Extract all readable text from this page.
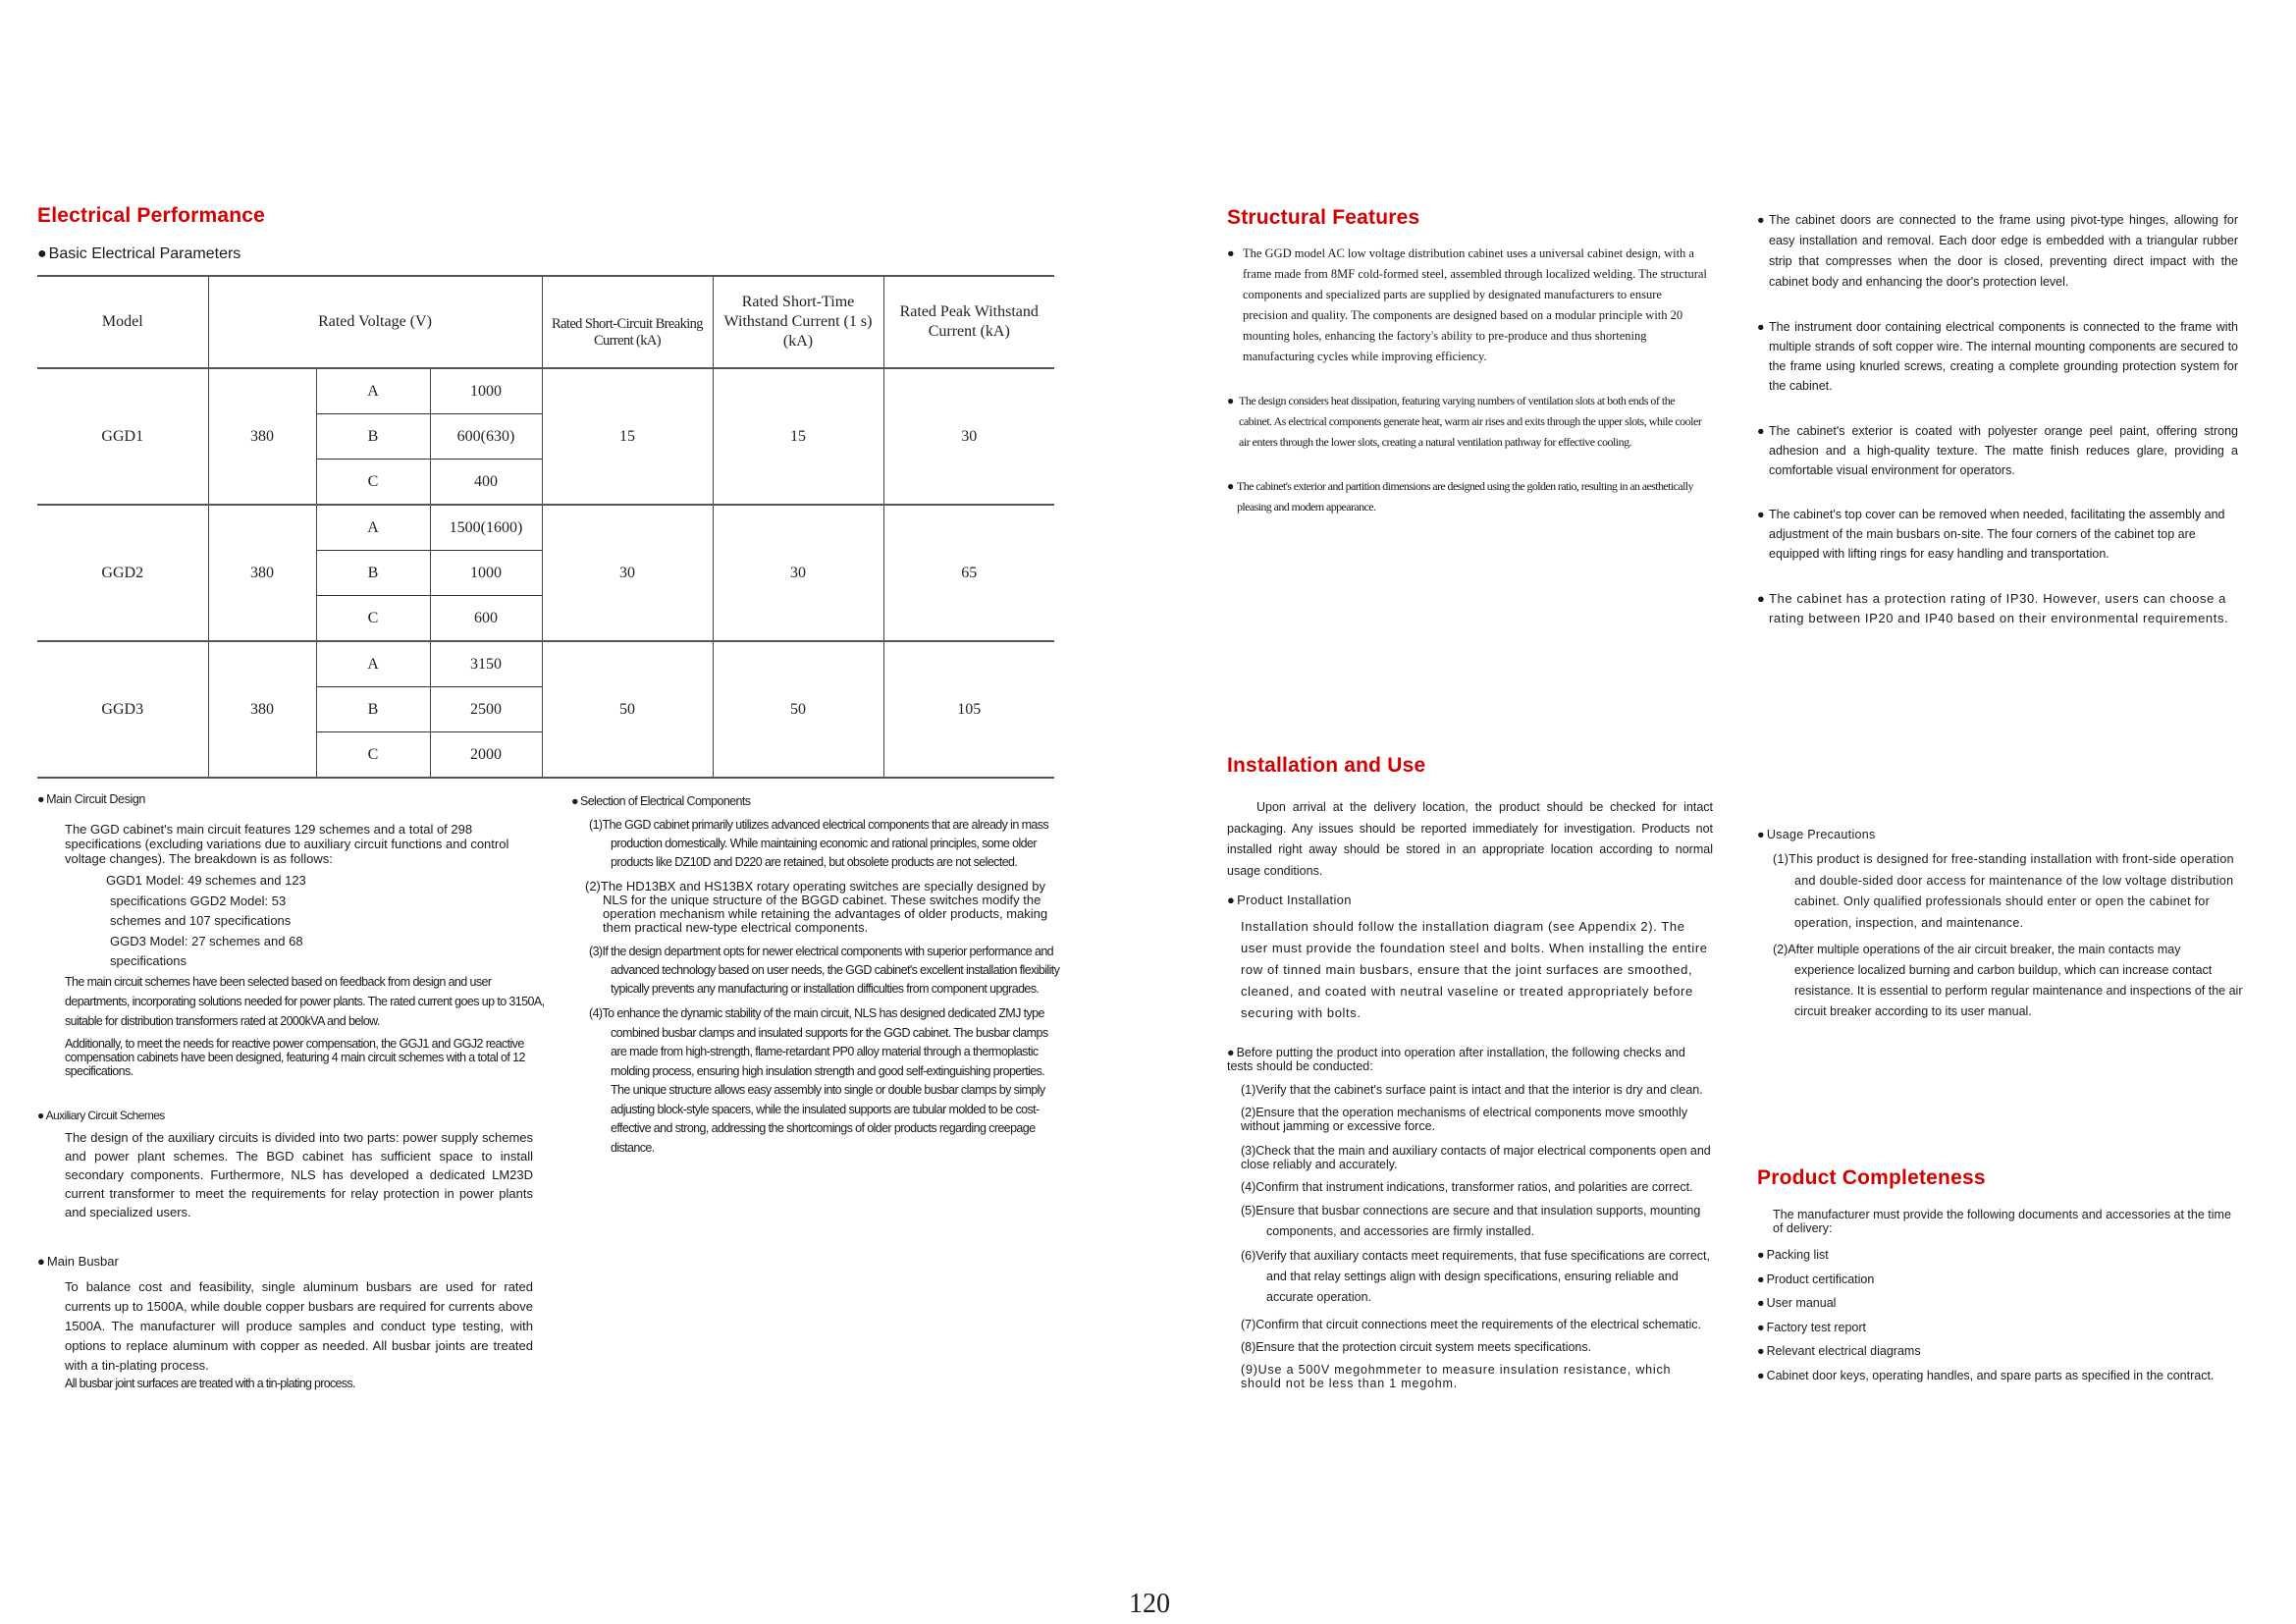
Electrical Performance
● Basic Electrical Parameters
Model	Rated Voltage (V)			Rated Short-Circuit Breaking Current (kA)	Rated Short-Time Withstand Current (1 s) (kA)	Rated Peak Withstand Current (kA)
GGD1	380	A	1000	15	15	30
		B	600(630)			
		C	400			
GGD2	380	A	1500(1600)	30	30	65
		B	1000			
		C	600			
GGD3	380	A	3150	50	50	105
		B	2500			
		C	2000			
● Main Circuit Design
The GGD cabinet's main circuit features 129 schemes and a total of 298 specifications (excluding variations due to auxiliary circuit functions and control voltage changes). The breakdown is as follows:
GGD1 Model: 49 schemes and 123
specifications GGD2 Model: 53
schemes and 107 specifications
GGD3 Model: 27 schemes and 68
specifications
The main circuit schemes have been selected based on feedback from design and user departments, incorporating solutions needed for power plants. The rated current goes up to 3150A, suitable for distribution transformers rated at 2000kVA and below.
Additionally, to meet the needs for reactive power compensation, the GGJ1 and GGJ2 reactive compensation cabinets have been designed, featuring 4 main circuit schemes with a total of 12 specifications.
● Auxiliary Circuit Schemes
The design of the auxiliary circuits is divided into two parts: power supply schemes and power plant schemes. The BGD cabinet has sufficient space to install secondary components. Furthermore, NLS has developed a dedicated LM23D current transformer to meet the requirements for relay protection in power plants and specialized users.
● Main Busbar
To balance cost and feasibility, single aluminum busbars are used for rated currents up to 1500A, while double copper busbars are required for currents above 1500A. The manufacturer will produce samples and conduct type testing, with options to replace aluminum with copper as needed. All busbar joints are treated with a tin-plating process.
All busbar joint surfaces are treated with a tin-plating process.
● Selection of Electrical Components
(1)The GGD cabinet primarily utilizes advanced electrical components that are already in mass production domestically. While maintaining economic and rational principles, some older products like DZ10D and D220 are retained, but obsolete products are not selected.
(2)The HD13BX and HS13BX rotary operating switches are specially designed by NLS for the unique structure of the BGGD cabinet. These switches modify the operation mechanism while retaining the advantages of older products, making them practical new-type electrical components.
(3)If the design department opts for newer electrical components with superior performance and advanced technology based on user needs, the GGD cabinet's excellent installation flexibility typically prevents any manufacturing or installation difficulties from component upgrades.
(4)To enhance the dynamic stability of the main circuit, NLS has designed dedicated ZMJ type combined busbar clamps and insulated supports for the GGD cabinet. The busbar clamps are made from high-strength, flame-retardant PP0 alloy material through a thermoplastic molding process, ensuring high insulation strength and good self-extinguishing properties. The unique structure allows easy assembly into single or double busbar clamps by simply adjusting block-style spacers, while the insulated supports are tubular molded to be cost-effective and strong, addressing the shortcomings of older products regarding creepage distance.
Structural Features
● The GGD model AC low voltage distribution cabinet uses a universal cabinet design, with a frame made from 8MF cold-formed steel, assembled through localized welding. The structural components and specialized parts are supplied by designated manufacturers to ensure precision and quality. The components are designed based on a modular principle with 20 mounting holes, enhancing the factory's ability to pre-produce and thus shortening manufacturing cycles while improving efficiency.
● The design considers heat dissipation, featuring varying numbers of ventilation slots at both ends of the cabinet. As electrical components generate heat, warm air rises and exits through the upper slots, while cooler air enters through the lower slots, creating a natural ventilation pathway for effective cooling.
● The cabinet's exterior and partition dimensions are designed using the golden ratio, resulting in an aesthetically pleasing and modern appearance.
● The cabinet doors are connected to the frame using pivot-type hinges, allowing for easy installation and removal. Each door edge is embedded with a triangular rubber strip that compresses when the door is closed, preventing direct impact with the cabinet body and enhancing the door's protection level.
● The instrument door containing electrical components is connected to the frame with multiple strands of soft copper wire. The internal mounting components are secured to the frame using knurled screws, creating a complete grounding protection system for the cabinet.
● The cabinet's exterior is coated with polyester orange peel paint, offering strong adhesion and a high-quality texture. The matte finish reduces glare, providing a comfortable visual environment for operators.
● The cabinet's top cover can be removed when needed, facilitating the assembly and adjustment of the main busbars on-site. The four corners of the cabinet top are equipped with lifting rings for easy handling and transportation.
● The cabinet has a protection rating of IP30. However, users can choose a rating between IP20 and IP40 based on their environmental requirements.
Installation and Use
Upon arrival at the delivery location, the product should be checked for intact packaging. Any issues should be reported immediately for investigation. Products not installed right away should be stored in an appropriate location according to normal usage conditions.
● Product Installation
Installation should follow the installation diagram (see Appendix 2). The user must provide the foundation steel and bolts. When installing the entire row of tinned main busbars, ensure that the joint surfaces are smoothed, cleaned, and coated with neutral vaseline or treated appropriately before securing with bolts.
● Before putting the product into operation after installation, the following checks and tests should be conducted:
(1)Verify that the cabinet's surface paint is intact and that the interior is dry and clean.
(2)Ensure that the operation mechanisms of electrical components move smoothly without jamming or excessive force.
(3)Check that the main and auxiliary contacts of major electrical components open and close reliably and accurately.
(4)Confirm that instrument indications, transformer ratios, and polarities are correct.
(5)Ensure that busbar connections are secure and that insulation supports, mounting components, and accessories are firmly installed.
(6)Verify that auxiliary contacts meet requirements, that fuse specifications are correct, and that relay settings align with design specifications, ensuring reliable and accurate operation.
(7)Confirm that circuit connections meet the requirements of the electrical schematic.
(8)Ensure that the protection circuit system meets specifications.
(9)Use a 500V megohmmeter to measure insulation resistance, which should not be less than 1 megohm.
● Usage Precautions
(1)This product is designed for free-standing installation with front-side operation and double-sided door access for maintenance of the low voltage distribution cabinet. Only qualified professionals should enter or open the cabinet for operation, inspection, and maintenance.
(2)After multiple operations of the air circuit breaker, the main contacts may experience localized burning and carbon buildup, which can increase contact resistance. It is essential to perform regular maintenance and inspections of the air circuit breaker according to its user manual.
Product Completeness
The manufacturer must provide the following documents and accessories at the time of delivery:
● Packing list
● Product certification
● User manual
● Factory test report
● Relevant electrical diagrams
● Cabinet door keys, operating handles, and spare parts as specified in the contract.
120
